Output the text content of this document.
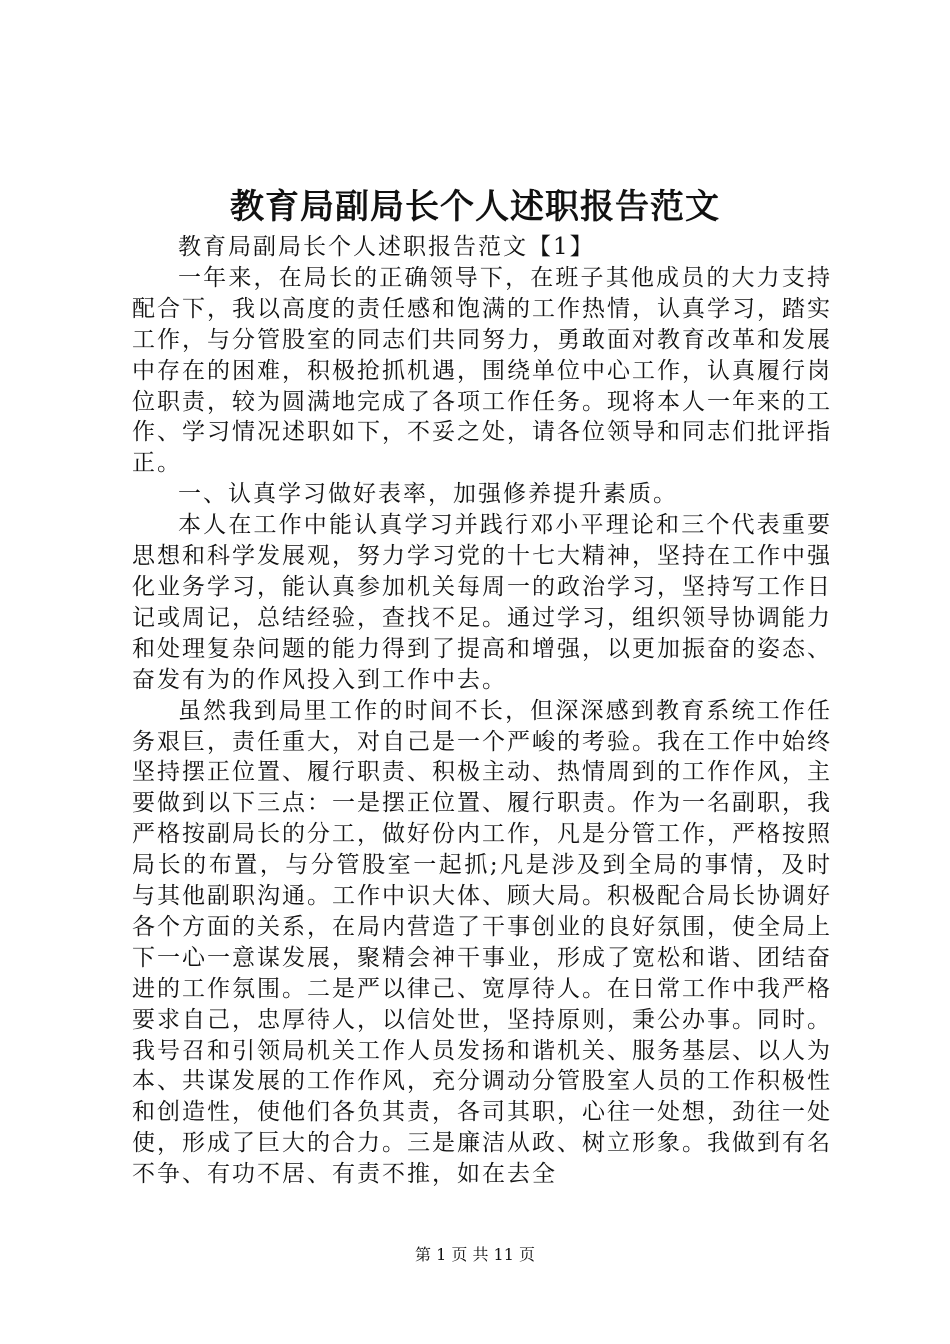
教育局副局长个人述职报告范文

教育局副局长个人述职报告范文【1】

一年来，在局长的正确领导下，在班子其他成员的大力支持配合下，我以高度的责任感和饱满的工作热情，认真学习，踏实工作，与分管股室的同志们共同努力，勇敢面对教育改革和发展中存在的困难，积极抢抓机遇，围绕单位中心工作，认真履行岗位职责，较为圆满地完成了各项工作任务。现将本人一年来的工作、学习情况述职如下，不妥之处，请各位领导和同志们批评指正。

一、认真学习做好表率，加强修养提升素质。

本人在工作中能认真学习并践行邓小平理论和三个代表重要思想和科学发展观，努力学习党的十七大精神，坚持在工作中强化业务学习，能认真参加机关每周一的政治学习，坚持写工作日记或周记，总结经验，查找不足。通过学习，组织领导协调能力和处理复杂问题的能力得到了提高和增强，以更加振奋的姿态、奋发有为的作风投入到工作中去。

虽然我到局里工作的时间不长，但深深感到教育系统工作任务艰巨，责任重大，对自己是一个严峻的考验。我在工作中始终坚持摆正位置、履行职责、积极主动、热情周到的工作作风，主要做到以下三点：一是摆正位置、履行职责。作为一名副职，我严格按副局长的分工，做好份内工作，凡是分管工作，严格按照局长的布置，与分管股室一起抓;凡是涉及到全局的事情，及时与其他副职沟通。工作中识大体、顾大局。积极配合局长协调好各个方面的关系，在局内营造了干事创业的良好氛围，使全局上下一心一意谋发展，聚精会神干事业，形成了宽松和谐、团结奋进的工作氛围。二是严以律己、宽厚待人。在日常工作中我严格要求自己，忠厚待人，以信处世，坚持原则，秉公办事。同时。我号召和引领局机关工作人员发扬和谐机关、服务基层、以人为本、共谋发展的工作作风，充分调动分管股室人员的工作积极性和创造性，使他们各负其责，各司其职，心往一处想，劲往一处使，形成了巨大的合力。三是廉洁从政、树立形象。我做到有名不争、有功不居、有责不推，如在去全

第 1 页 共 11 页
